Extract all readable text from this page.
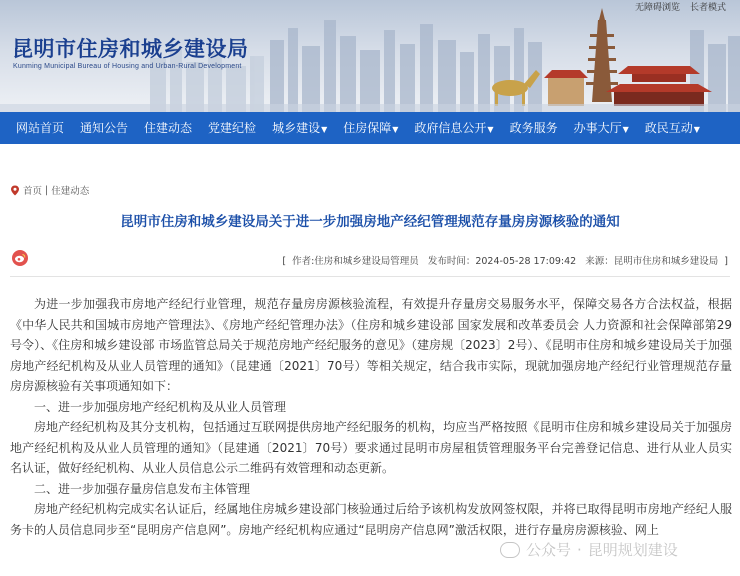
无障碍浏览 长者模式
昆明市住房和城乡建设局
Kunming Municipal Bureau of Housing and Urban-Rural Development
网站首页	通知公告	住建动态	党建纪检	城乡建设▼	住房保障▼	政府信息公开▼	政务服务	办事大厅▼	政民互动▼
首页 | 住建动态
昆明市住房和城乡建设局关于进一步加强房地产经纪管理规范存量房房源核验的通知
[ 作者:住房和城乡建设局管理员 发布时间：2024-05-28 17:09:42 来源：昆明市住房和城乡建设局 ]

为进一步加强我市房地产经纪行业管理，规范存量房房源核验流程，有效提升存量房交易服务水平，保障交易各方合法权益，根据《中华人民共和国城市房地产管理法》、《房地产经纪管理办法》（住房和城乡建设部 国家发展和改革委员会 人力资源和社会保障部第29号令）、《住房和城乡建设部 市场监管总局关于规范房地产经纪服务的意见》（建房规〔2023〕2号）、《昆明市住房和城乡建设局关于加强房地产经纪机构及从业人员管理的通知》（昆建通〔2021〕70号）等相关规定，结合我市实际，现就加强房地产经纪行业管理规范存量房房源核验有关事项通知如下：

一、进一步加强房地产经纪机构及从业人员管理

房地产经纪机构及其分支机构，包括通过互联网提供房地产经纪服务的机构，均应当严格按照《昆明市住房和城乡建设局关于加强房地产经纪机构及从业人员管理的通知》（昆建通〔2021〕70号）要求通过昆明市房屋租赁管理服务平台完善登记信息、进行从业人员实名认证，做好经纪机构、从业人员信息公示二维码有效管理和动态更新。

二、进一步加强存量房信息发布主体管理

房地产经纪机构完成实名认证后，经属地住房城乡建设部门核验通过后给予该机构发放网签权限，并将已取得昆明市房地产经纪人服务卡的人员信息同步至“昆明房产信息网”。房地产经纪机构应通过“昆明房产信息网”激活权限，进行存量房房源核验、网上

公众号 · 昆明规划建设
